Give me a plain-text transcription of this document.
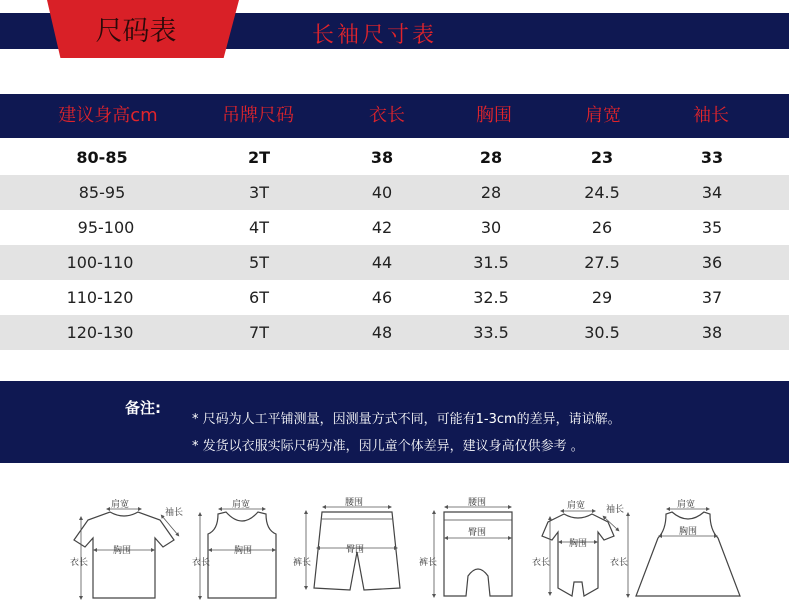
尺码表	长袖尺寸表
建议身高cm	吊牌尺码	衣长	胸围	肩宽	袖长
80-85	2T	38	28	23	33
85-95	3T	40	28	24.5	34
95-100	4T	42	30	26	35
100-110	5T	44	31.5	27.5	36
110-120	6T	46	32.5	29	37
120-130	7T	48	33.5	30.5	38
备注:
* 尺码为人工平铺测量，因测量方式不同，可能有1-3cm的差异，请谅解。
* 发货以衣服实际尺码为准，因儿童个体差异，建议身高仅供参考 。
肩宽
胸围
衣长
袖长
肩宽
胸围
衣长
腰围
臀围
裤长
腰围
臀围
裤长
肩宽
胸围
衣长
袖长	肩宽
胸围
衣长
